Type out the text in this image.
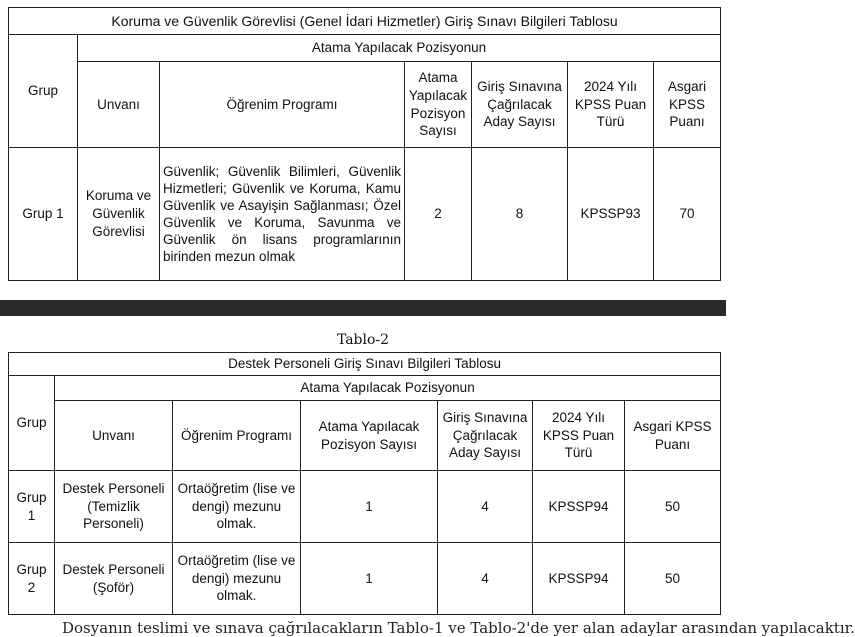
Koruma ve Güvenlik Görevlisi (Genel İdari Hizmetler) Giriş Sınavı Bilgileri Tablosu						
Grup	Atama Yapılacak Pozisyonun					
	Unvanı	Öğrenim Programı	Atama Yapılacak Pozisyon Sayısı	Giriş Sınavına Çağrılacak Aday Sayısı	2024 Yılı KPSS Puan Türü	Asgari KPSS Puanı
Grup 1	Koruma ve Güvenlik Görevlisi	Güvenlik; Güvenlik Bilimleri, Güvenlik Hizmetleri; Güvenlik ve Koruma, Kamu Güvenlik ve Asayişin Sağlanması; Özel Güvenlik ve Koruma, Savunma ve Güvenlik ön lisans programlarının birinden mezun olmak	2	8	KPSSP93	70
Tablo-2
Destek Personeli Giriş Sınavı Bilgileri Tablosu						
Grup	Atama Yapılacak Pozisyonun					
	Unvanı	Öğrenim Programı	Atama Yapılacak Pozisyon Sayısı	Giriş Sınavına Çağrılacak Aday Sayısı	2024 Yılı KPSS Puan Türü	Asgari KPSS Puanı
Grup 1	Destek Personeli (Temizlik Personeli)	Ortaöğretim (lise ve dengi) mezunu olmak.	1	4	KPSSP94	50
Grup 2	Destek Personeli (Şoför)	Ortaöğretim (lise ve dengi) mezunu olmak.	1	4	KPSSP94	50
Dosyanın teslimi ve sınava çağrılacakların Tablo-1 ve Tablo-2'de yer alan adaylar arasından yapılacaktır.
